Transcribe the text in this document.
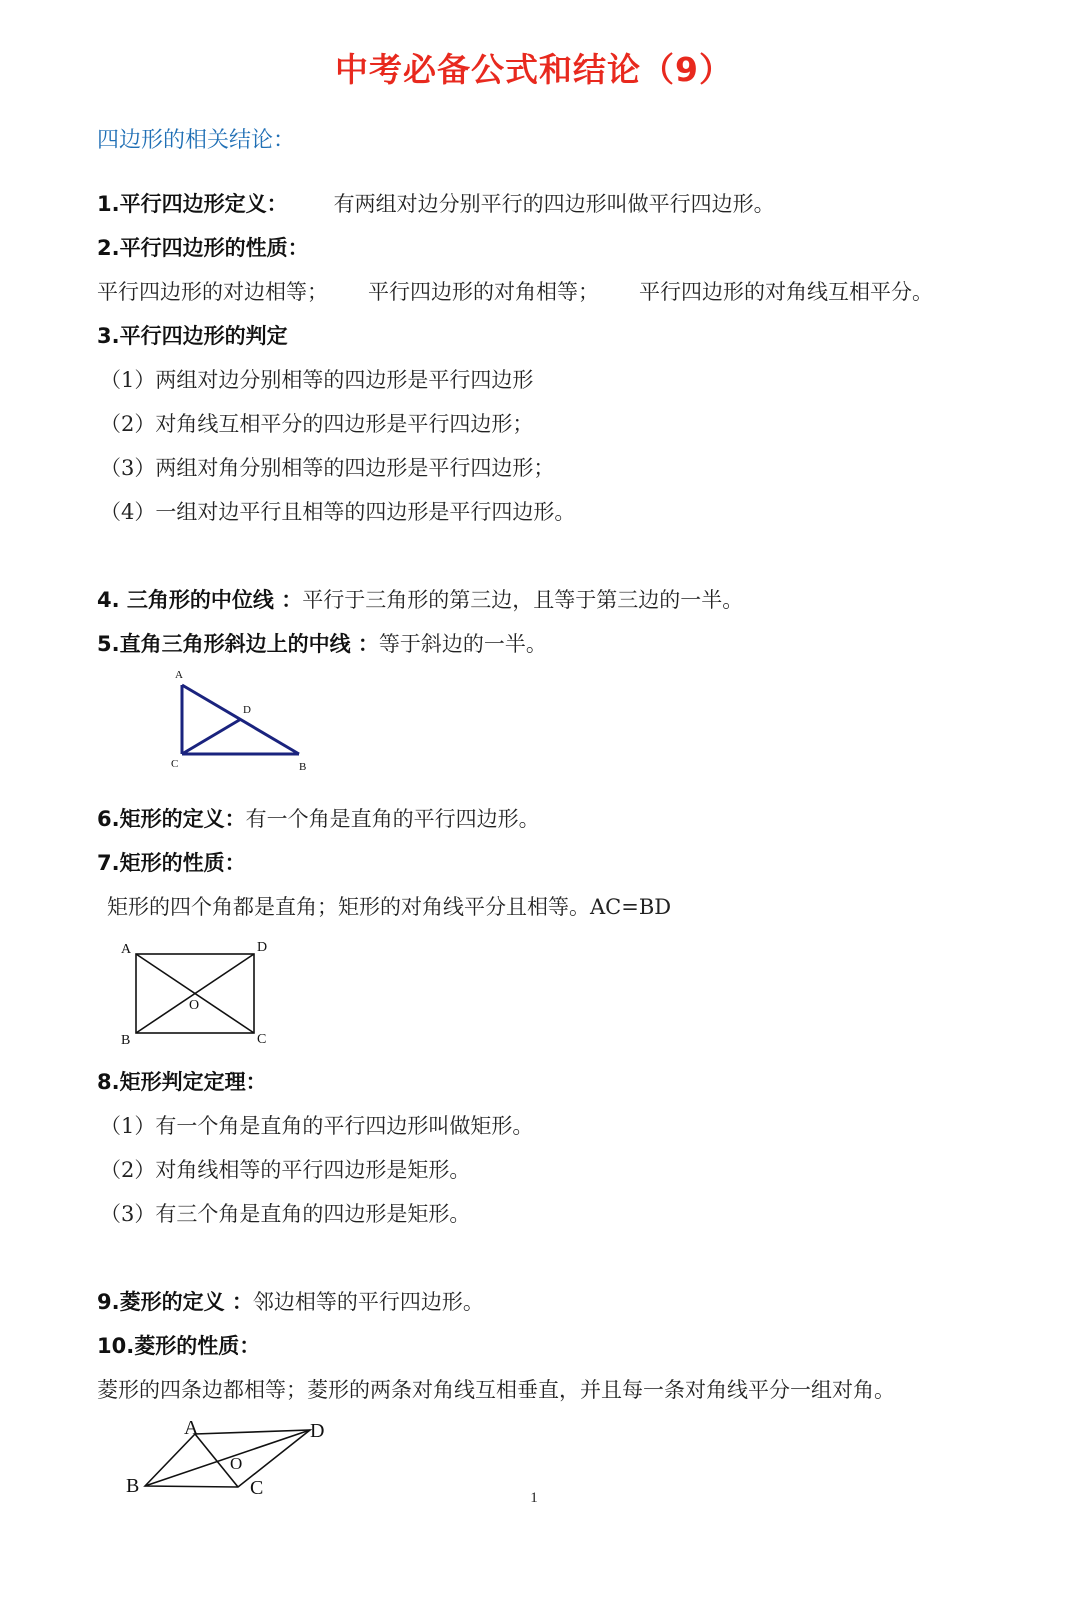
中考必备公式和结论（9）
四边形的相关结论：
1.平行四边形定义： 有两组对边分别平行的四边形叫做平行四边形。
2.平行四边形的性质：
平行四边形的对边相等； 平行四边形的对角相等； 平行四边形的对角线互相平分。
3.平行四边形的判定
（1）两组对边分别相等的四边形是平行四边形
（2）对角线互相平分的四边形是平行四边形；
（3）两组对角分别相等的四边形是平行四边形；
（4）一组对边平行且相等的四边形是平行四边形。
4. 三角形的中位线 ：平行于三角形的第三边，且等于第三边的一半。
5.直角三角形斜边上的中线 ：等于斜边的一半。
A
D
C	B
6.矩形的定义：有一个角是直角的平行四边形。
7.矩形的性质：
矩形的四个角都是直角；矩形的对角线平分且相等。AC=BD
A	D
O
B	C
8.矩形判定定理：
（1）有一个角是直角的平行四边形叫做矩形。
（2）对角线相等的平行四边形是矩形。
（3）有三个角是直角的四边形是矩形。
9.菱形的定义 ：邻边相等的平行四边形。
10.菱形的性质：
菱形的四条边都相等；菱形的两条对角线互相垂直，并且每一条对角线平分一组对角。
A	D
O
B	C	1
